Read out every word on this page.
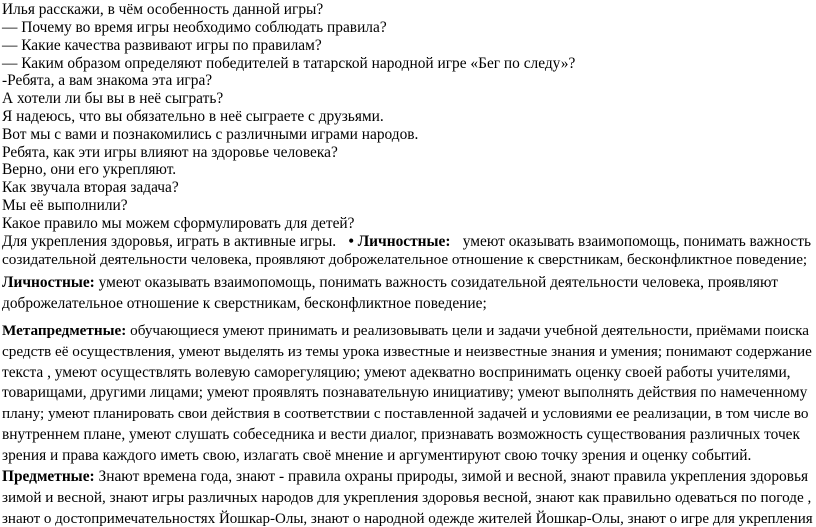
Илья расскажи, в чём особенность данной игры?
— Почему во время игры необходимо соблюдать правила?
— Какие качества развивают игры по правилам?
— Каким образом определяют победителей в татарской народной игре «Бег по следу»?
-Ребята, а вам знакома эта игра?
А хотели ли бы вы в неё сыграть?
Я надеюсь, что вы обязательно в неё сыграете с друзьями.
Вот мы с вами и познакомились с различными играми народов.
Ребята, как эти игры влияют на здоровье человека?
Верно, они его укрепляют.
Как звучала вторая задача?
Мы её выполнили?
Какое правило мы можем сформулировать для детей?
Для укрепления здоровья, играть в активные игры. • Личностные: умеют оказывать взаимопомощь, понимать важность
созидательной деятельности человека, проявляют доброжелательное отношение к сверстникам, бесконфликтное поведение;

Личностные: умеют оказывать взаимопомощь, понимать важность созидательной деятельности человека, проявляют

доброжелательное отношение к сверстникам, бесконфликтное поведение;

Метапредметные: обучающиеся умеют принимать и реализовывать цели и задачи учебной деятельности, приёмами поиска

средств её осуществления, умеют выделять из темы урока известные и неизвестные знания и умения; понимают содержание

текста , умеют осуществлять волевую саморегуляцию; умеют адекватно воспринимать оценку своей работы учителями,

товарищами, другими лицами; умеют проявлять познавательную инициативу; умеют выполнять действия по намеченному

плану; умеют планировать свои действия в соответствии с поставленной задачей и условиями ее реализации, в том числе во

внутреннем плане, умеют слушать собеседника и вести диалог, признавать возможность существования различных точек

зрения и права каждого иметь свою, излагать своё мнение и аргументируют свою точку зрения и оценку событий.

Предметные: Знают времена года, знают - правила охраны природы, зимой и весной, знают правила укрепления здоровья

зимой и весной, знают игры различных народов для укрепления здоровья весной, знают как правильно одеваться по погоде ,

знают о достопримечательностях Йошкар-Олы, знают о народной одежде жителей Йошкар-Олы, знают о игре для укрепления
